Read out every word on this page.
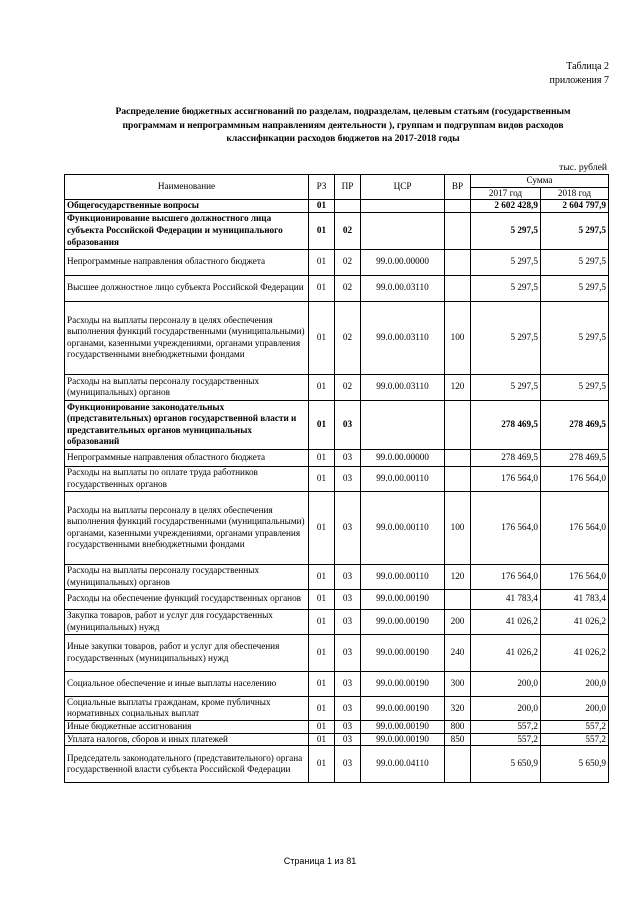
Таблица 2
приложения 7
Распределение бюджетных ассигнований по разделам, подразделам, целевым статьям (государственным программам и непрограммным направлениям деятельности ), группам и подгруппам видов расходов классификации расходов бюджетов на 2017-2018 годы
тыс. рублей
Наименование	РЗ	ПР	ЦСР	ВР	Сумма	
					2017 год	2018 год
Общегосударственные вопросы	01				2 602 428,9	2 604 797,9
Функционирование высшего должностного лица субъекта Российской Федерации и муниципального образования	01	02			5 297,5	5 297,5
Непрограммные направления областного бюджета	01	02	99.0.00.00000		5 297,5	5 297,5
Высшее должностное лицо субъекта Российской Федерации	01	02	99.0.00.03110		5 297,5	5 297,5
Расходы на выплаты персоналу в целях обеспечения выполнения функций государственными (муниципальными) органами, казенными учреждениями, органами управления государственными внебюджетными фондами	01	02	99.0.00.03110	100	5 297,5	5 297,5
Расходы на выплаты персоналу государственных (муниципальных) органов	01	02	99.0.00.03110	120	5 297,5	5 297,5
Функционирование законодательных (представительных) органов государственной власти и представительных органов муниципальных образований	01	03			278 469,5	278 469,5
Непрограммные направления областного бюджета	01	03	99.0.00.00000		278 469,5	278 469,5
Расходы на выплаты по оплате труда работников государственных органов	01	03	99.0.00.00110		176 564,0	176 564,0
Расходы на выплаты персоналу в целях обеспечения выполнения функций государственными (муниципальными) органами, казенными учреждениями, органами управления государственными внебюджетными фондами	01	03	99.0.00.00110	100	176 564,0	176 564,0
Расходы на выплаты персоналу государственных (муниципальных) органов	01	03	99.0.00.00110	120	176 564,0	176 564,0
Расходы на обеспечение функций государственных органов	01	03	99.0.00.00190		41 783,4	41 783,4
Закупка товаров, работ и услуг для государственных (муниципальных) нужд	01	03	99.0.00.00190	200	41 026,2	41 026,2
Иные закупки товаров, работ и услуг для обеспечения государственных (муниципальных) нужд	01	03	99.0.00.00190	240	41 026,2	41 026,2
Социальное обеспечение и иные выплаты населению	01	03	99.0.00.00190	300	200,0	200,0
Социальные выплаты гражданам, кроме публичных нормативных социальных выплат	01	03	99.0.00.00190	320	200,0	200,0
Иные бюджетные ассигнования	01	03	99.0.00.00190	800	557,2	557,2
Уплата налогов, сборов и иных платежей	01	03	99.0.00.00190	850	557,2	557,2
Председатель законодательного (представительного) органа государственной власти субъекта Российской Федерации	01	03	99.0.00.04110		5 650,9	5 650,9
Страница 1 из 81
